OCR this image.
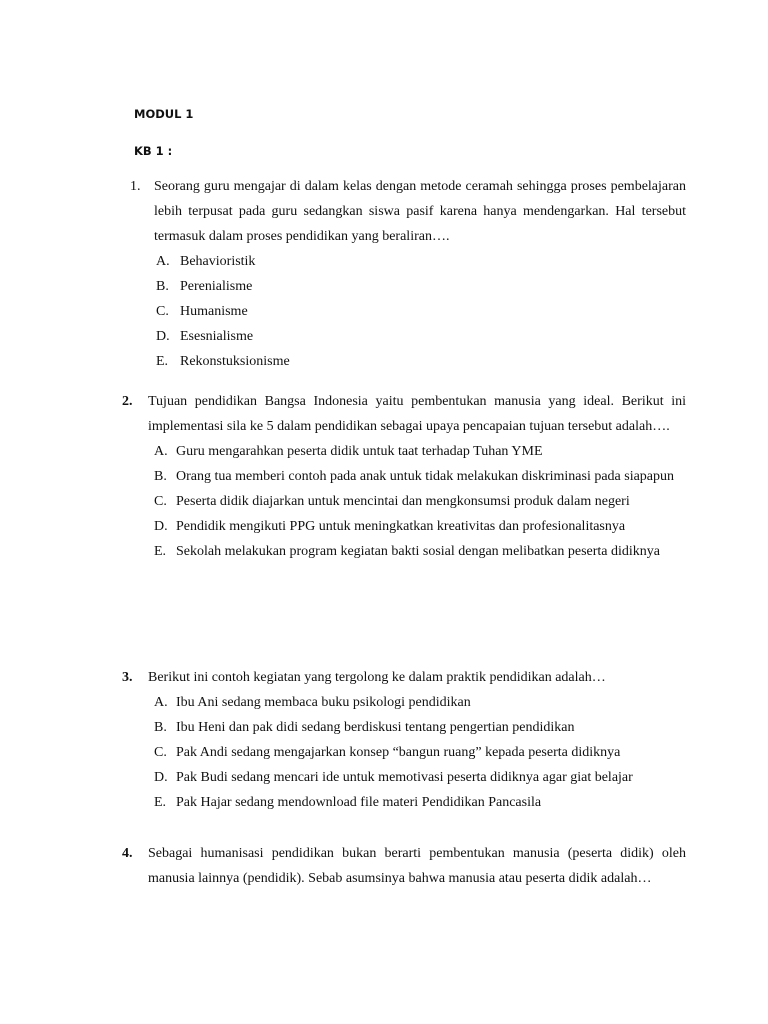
MODUL 1
KB 1 :
1. Seorang guru mengajar di dalam kelas dengan metode ceramah sehingga proses pembelajaran lebih terpusat pada guru sedangkan siswa pasif karena hanya mendengarkan. Hal tersebut termasuk dalam proses pendidikan yang beraliran….

A. Behavioristik
B. Perenialisme
C. Humanisme
D. Esesnialisme
E. Rekonstuksionisme
2. Tujuan pendidikan Bangsa Indonesia yaitu pembentukan manusia yang ideal. Berikut ini implementasi sila ke 5 dalam pendidikan sebagai upaya pencapaian tujuan tersebut adalah….

A. Guru mengarahkan peserta didik untuk taat terhadap Tuhan YME
B. Orang tua memberi contoh pada anak untuk tidak melakukan diskriminasi pada siapapun
C. Peserta didik diajarkan untuk mencintai dan mengkonsumsi produk dalam negeri
D. Pendidik mengikuti PPG untuk meningkatkan kreativitas dan profesionalitasnya
E. Sekolah melakukan program kegiatan bakti sosial dengan melibatkan peserta didiknya
3. Berikut ini contoh kegiatan yang tergolong ke dalam praktik pendidikan adalah…

A. Ibu Ani sedang membaca buku psikologi pendidikan
B. Ibu Heni dan pak didi sedang berdiskusi tentang pengertian pendidikan
C. Pak Andi sedang mengajarkan konsep “bangun ruang” kepada peserta didiknya
D. Pak Budi sedang mencari ide untuk memotivasi peserta didiknya agar giat belajar
E. Pak Hajar sedang mendownload file materi Pendidikan Pancasila
4. Sebagai humanisasi pendidikan bukan berarti pembentukan manusia (peserta didik) oleh manusia lainnya (pendidik). Sebab asumsinya bahwa manusia atau peserta didik adalah…
